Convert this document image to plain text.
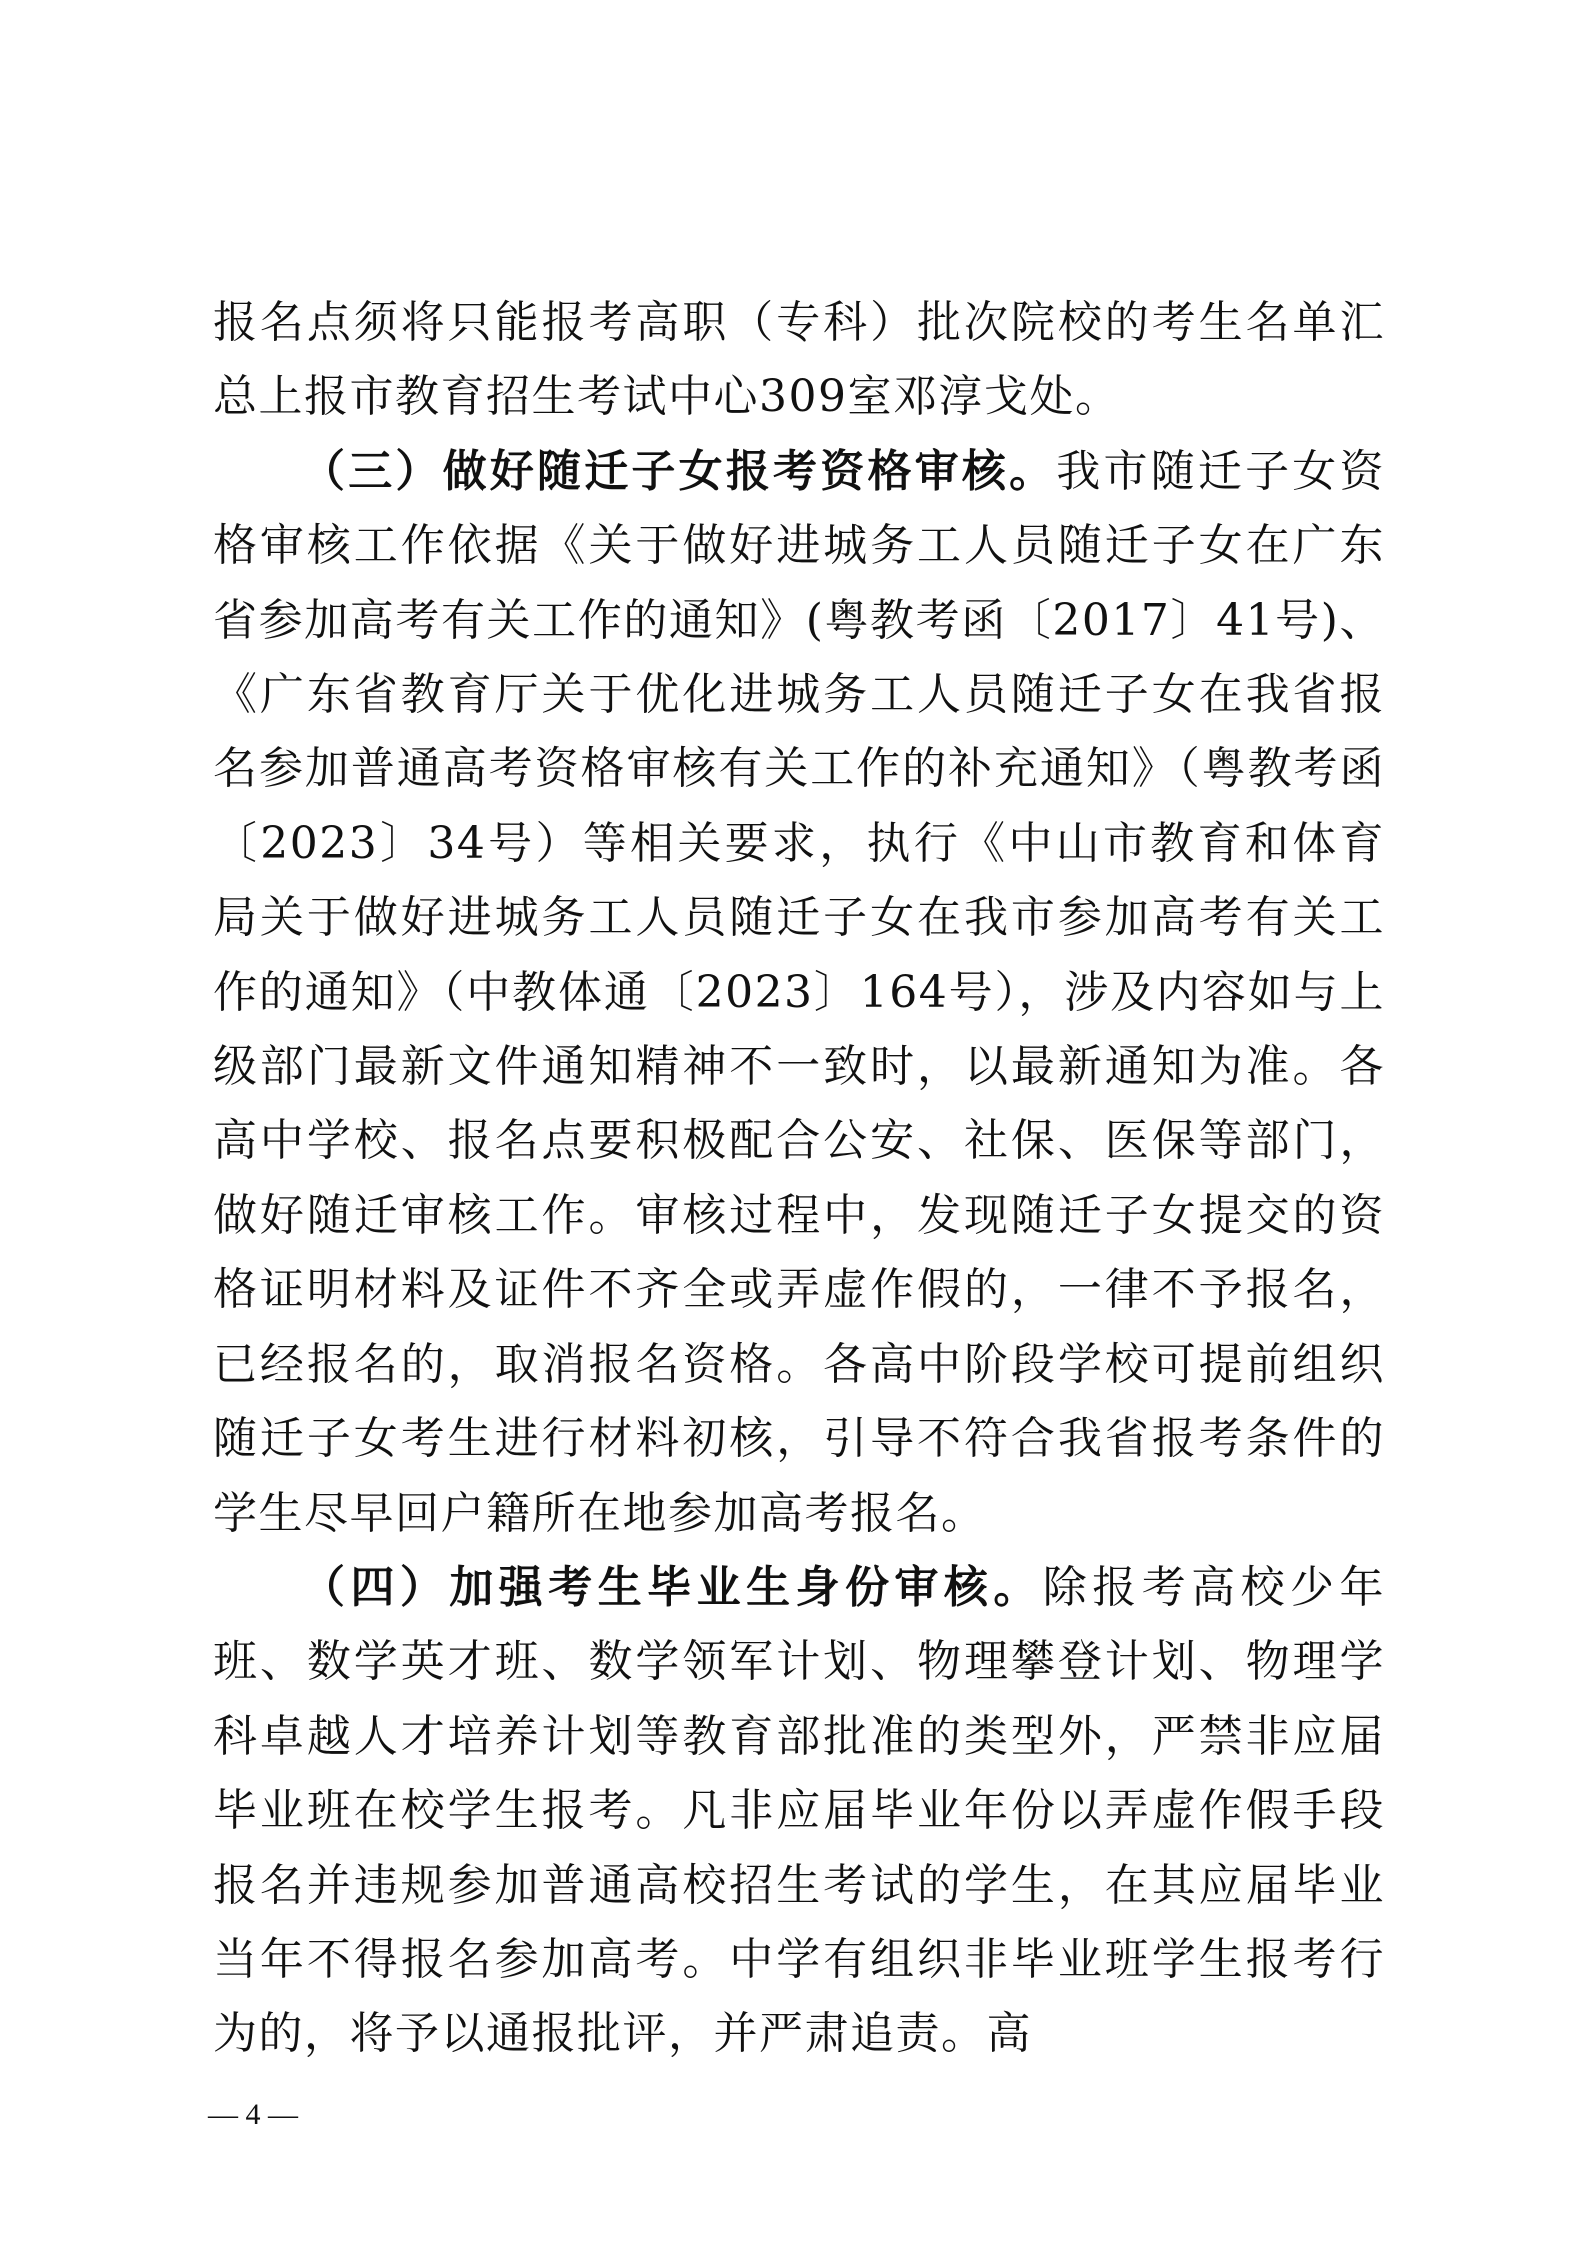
报名点须将只能报考高职（专科）批次院校的考生名单汇总上报市教育招生考试中心309室邓淳戈处。

（三）做好随迁子女报考资格审核。我市随迁子女资格审核工作依据《关于做好进城务工人员随迁子女在广东省参加高考有关工作的通知》(粤教考函〔2017〕41号)、《广东省教育厅关于优化进城务工人员随迁子女在我省报名参加普通高考资格审核有关工作的补充通知》（粤教考函〔2023〕34号）等相关要求，执行《中山市教育和体育局关于做好进城务工人员随迁子女在我市参加高考有关工作的通知》（中教体通〔2023〕164号），涉及内容如与上级部门最新文件通知精神不一致时，以最新通知为准。各高中学校、报名点要积极配合公安、社保、医保等部门，做好随迁审核工作。审核过程中，发现随迁子女提交的资格证明材料及证件不齐全或弄虚作假的，一律不予报名，已经报名的，取消报名资格。各高中阶段学校可提前组织随迁子女考生进行材料初核，引导不符合我省报考条件的学生尽早回户籍所在地参加高考报名。

（四）加强考生毕业生身份审核。除报考高校少年班、数学英才班、数学领军计划、物理攀登计划、物理学科卓越人才培养计划等教育部批准的类型外，严禁非应届毕业班在校学生报考。凡非应届毕业年份以弄虚作假手段报名并违规参加普通高校招生考试的学生，在其应届毕业当年不得报名参加高考。中学有组织非毕业班学生报考行为的，将予以通报批评，并严肃追责。高

— 4 —
